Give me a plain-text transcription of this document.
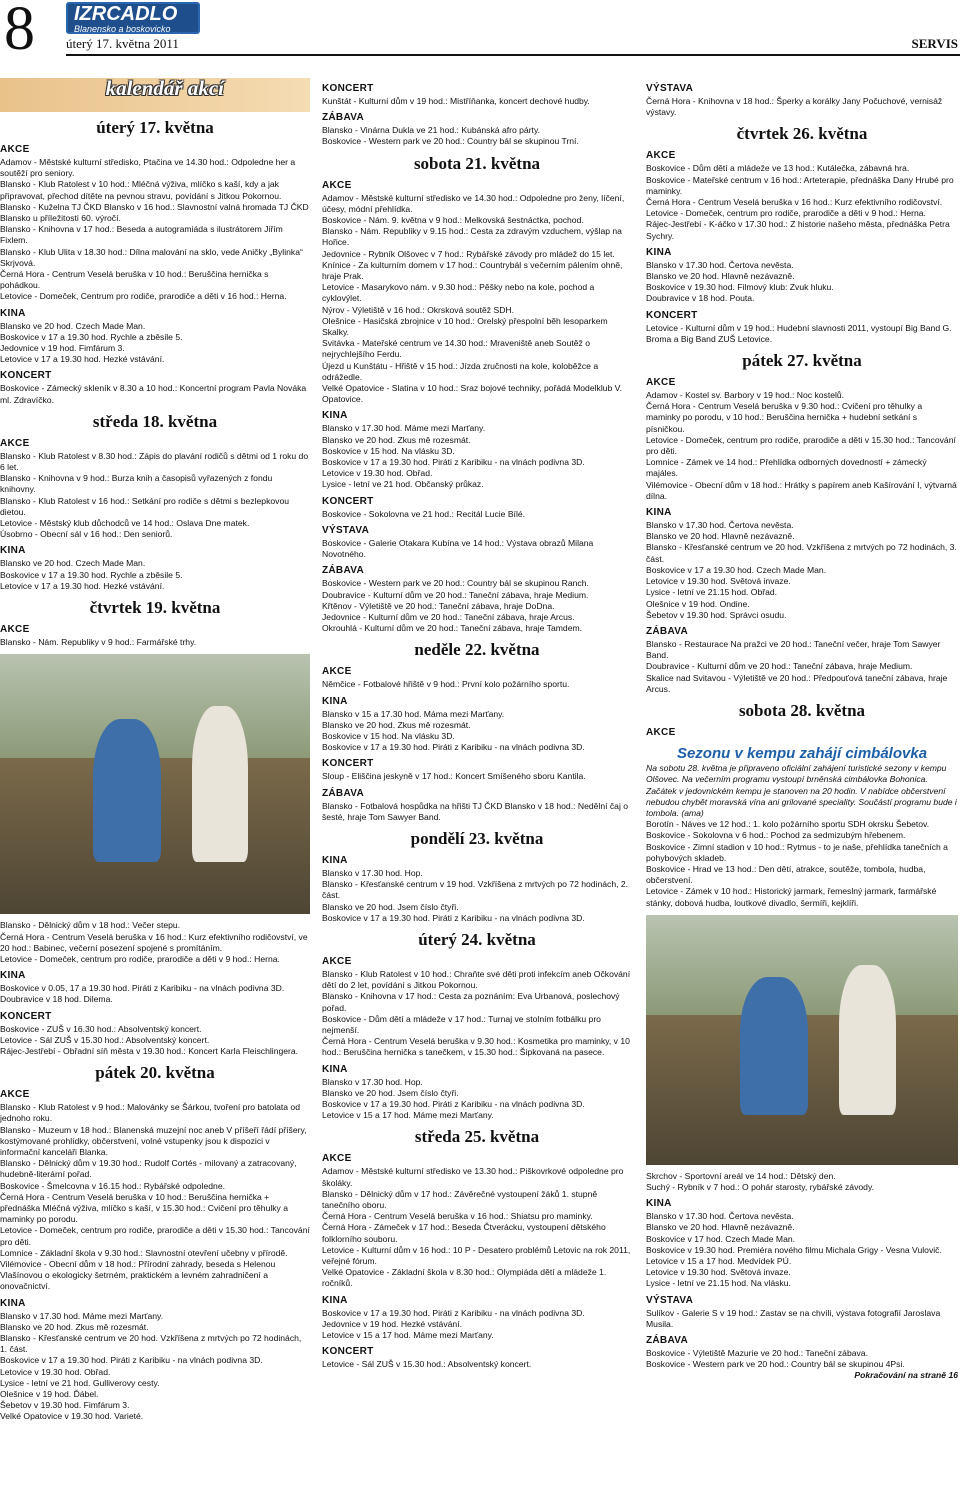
8	IZRCADLO
Blanensko a boskovicko
úterý 17. května 2011	SERVIS
kalendář akcí
úterý 17. května
AKCE
Adamov - Městské kulturní středisko, Ptačina ve 14.30 hod.: Odpoledne her a soutěží pro seniory.
Blansko - Klub Ratolest v 10 hod.: Mléčná výživa, mlíčko s kaší, kdy a jak připravovat, přechod dítěte na pevnou stravu, povídání s Jitkou Pokornou.
Blansko - Kuželna TJ ČKD Blansko v 16 hod.: Slavnostní valná hromada TJ ČKD Blansko u příležitosti 60. výročí.
Blansko - Knihovna v 17 hod.: Beseda a autogramiáda s ilustrátorem Jiřím Fixlem.
Blansko - Klub Ulita v 18.30 hod.: Dílna malování na sklo, vede Aničky „Bylinka“ Skrjvová.
Černá Hora - Centrum Veselá beruška v 10 hod.: Beruščina hernička s pohádkou.
Letovice - Domeček, Centrum pro rodiče, prarodiče a děti v 16 hod.: Herna.
KINA
Blansko ve 20 hod. Czech Made Man.
Boskovice v 17 a 19.30 hod. Rychle a zběsile 5.
Jedovnice v 19 hod. Fimfárum 3.
Letovice v 17 a 19.30 hod. Hezké vstávání.
KONCERT
Boskovice - Zámecký skleník v 8.30 a 10 hod.: Koncertní program Pavla Nováka ml. Zdravíčko.
středa 18. května
AKCE
Blansko - Klub Ratolest v 8.30 hod.: Zápis do plavání rodičů s dětmi od 1 roku do 6 let.
Blansko - Knihovna v 9 hod.: Burza knih a časopisů vyřazených z fondu knihovny.
Blansko - Klub Ratolest v 16 hod.: Setkání pro rodiče s dětmi s bezlepkovou dietou.
Letovice - Městský klub důchodců ve 14 hod.: Oslava Dne matek.
Úsobrno - Obecní sál v 16 hod.: Den seniorů.
KINA
Blansko ve 20 hod. Czech Made Man.
Boskovice v 17 a 19.30 hod. Rychle a zběsile 5.
Letovice v 17 a 19.30 hod. Hezké vstávání.
čtvrtek 19. května
AKCE
Blansko - Nám. Republiky v 9 hod.: Farmářské trhy.
Blansko - Dělnický dům v 18 hod.: Večer stepu.
Černá Hora - Centrum Veselá beruška v 16 hod.: Kurz efektivního rodičovství, ve 20 hod.: Babinec, večerní posezení spojené s promítáním.
Letovice - Domeček, centrum pro rodiče, prarodiče a děti v 9 hod.: Herna.
KINA
Boskovice v 0.05, 17 a 19.30 hod. Piráti z Karibiku - na vlnách podivna 3D.
Doubravice v 18 hod. Dilema.
KONCERT
Boskovice - ZUŠ v 16.30 hod.: Absolventský koncert.
Letovice - Sál ZUŠ v 15.30 hod.: Absolventský koncert.
Rájec-Jestřebí - Obřadní síň města v 19.30 hod.: Koncert Karla Fleischlingera.
pátek 20. května
AKCE
Blansko - Klub Ratolest v 9 hod.: Malovánky se Šárkou, tvoření pro batolata od jednoho roku.
Blansko - Muzeum v 18 hod.: Blanenská muzejní noc aneb V příšeří řádí příšery, kostýmované prohlídky, občerstvení, volné vstupenky jsou k dispozici v informační kanceláři Blanka.
Blansko - Dělnický dům v 19.30 hod.: Rudolf Cortés - milovaný a zatracovaný, hudebně-literární pořad.
Boskovice - Šmelcovna v 16.15 hod.: Rybářské odpoledne.
Černá Hora - Centrum Veselá beruška v 10 hod.: Beruščina hernička + přednáška Mléčná výživa, mlíčko s kaší, v 15.30 hod.: Cvičení pro těhulky a maminky po porodu.
Letovice - Domeček, centrum pro rodiče, prarodiče a děti v 15.30 hod.: Tancování pro děti.
Lomnice - Základní škola v 9.30 hod.: Slavnostní otevření učebny v přírodě.
Vilémovice - Obecní dům v 18 hod.: Přírodní zahrady, beseda s Helenou Vlašínovou o ekologicky šetrném, praktickém a levném zahradničení a onovačnictví.
KINA
Blansko v 17.30 hod. Máme mezi Marťany.
Blansko ve 20 hod. Zkus mě rozesmát.
Blansko - Křesťanské centrum ve 20 hod. Vzkříšena z mrtvých po 72 hodinách, 1. část.
Boskovice v 17 a 19.30 hod. Piráti z Karibiku - na vlnách podivna 3D.
Letovice v 19.30 hod. Obřad.
Lysice - letní ve 21 hod. Gulliverovy cesty.
Olešnice v 19 hod. Ďábel.
Šebetov v 19.30 hod. Fimfárum 3.
Velké Opatovice v 19.30 hod. Varieté.
KONCERT
Kunštát - Kulturní dům v 19 hod.: Mistříňanka, koncert dechové hudby.
ZÁBAVA
Blansko - Vinárna Dukla ve 21 hod.: Kubánská afro párty.
Boskovice - Western park ve 20 hod.: Country bál se skupinou Trní.
sobota 21. května
AKCE
Adamov - Městské kulturní středisko ve 14.30 hod.: Odpoledne pro ženy, líčení, účesy, módní přehlídka.
Boskovice - Nám. 9. května v 9 hod.: Melkovská šestnáctka, pochod.
Blansko - Nám. Republiky v 9.15 hod.: Cesta za zdravým vzduchem, výšlap na Hořice.
Jedovnice - Rybník Olšovec v 7 hod.: Rybářské závody pro mládež do 15 let.
Knínice - Za kulturním domem v 17 hod.: Countrybál s večerním pálením ohně, hraje Prak.
Letovice - Masarykovo nám. v 9.30 hod.: Pěšky nebo na kole, pochod a cyklovýlet.
Nýrov - Výletiště v 16 hod.: Okrsková soutěž SDH.
Olešnice - Hasičská zbrojnice v 10 hod.: Orelský přespolní běh lesoparkem Skalky.
Svitávka - Mateřské centrum ve 14.30 hod.: Mraveniště aneb Soutěž o nejrychlejšího Ferdu.
Újezd u Kunštátu - Hřiště v 15 hod.: Jízda zručnosti na kole, koloběžce a odrážedle.
Velké Opatovice - Slatina v 10 hod.: Sraz bojové techniky, pořádá Modelklub V. Opatovice.
KINA
Blansko v 17.30 hod. Máme mezi Marťany.
Blansko ve 20 hod. Zkus mě rozesmát.
Boskovice v 15 hod. Na vlásku 3D.
Boskovice v 17 a 19.30 hod. Piráti z Karibiku - na vlnách podivna 3D.
Letovice v 19.30 hod. Obřad.
Lysice - letní ve 21 hod. Občanský průkaz.
KONCERT
Boskovice - Sokolovna ve 21 hod.: Recitál Lucie Bílé.
VÝSTAVA
Boskovice - Galerie Otakara Kubína ve 14 hod.: Výstava obrazů Milana Novotného.
ZÁBAVA
Boskovice - Western park ve 20 hod.: Country bál se skupinou Ranch.
Doubravice - Kulturní dům ve 20 hod.: Taneční zábava, hraje Medium.
Křtěnov - Výletiště ve 20 hod.: Taneční zábava, hraje DoDna.
Jedovnice - Kulturní dům ve 20 hod.: Taneční zábava, hraje Arcus.
Okrouhlá - Kulturní dům ve 20 hod.: Taneční zábava, hraje Tamdem.
neděle 22. května
AKCE
Němčice - Fotbalové hřiště v 9 hod.: První kolo požárního sportu.
KINA
Blansko v 15 a 17.30 hod. Máma mezi Marťany.
Blansko ve 20 hod. Zkus mě rozesmát.
Boskovice v 15 hod. Na vlásku 3D.
Boskovice v 17 a 19.30 hod. Piráti z Karibiku - na vlnách podivna 3D.
KONCERT
Sloup - Eliščina jeskyně v 17 hod.: Koncert Smíšeného sboru Kantila.
ZÁBAVA
Blansko - Fotbalová hospůdka na hřišti TJ ČKD Blansko v 18 hod.: Nedělní čaj o šesté, hraje Tom Sawyer Band.
pondělí 23. května
KINA
Blansko v 17.30 hod. Hop.
Blansko - Křesťanské centrum v 19 hod. Vzkříšena z mrtvých po 72 hodinách, 2. část.
Blansko ve 20 hod. Jsem číslo čtyři.
Boskovice v 17 a 19.30 hod. Piráti z Karibiku - na vlnách podivna 3D.
úterý 24. května
AKCE
Blansko - Klub Ratolest v 10 hod.: Chraňte své děti proti infekcím aneb Očkování dětí do 2 let, povídání s Jitkou Pokornou.
Blansko - Knihovna v 17 hod.: Cesta za poznáním: Eva Urbanová, poslechový pořad.
Boskovice - Dům dětí a mládeže v 17 hod.: Turnaj ve stolním fotbálku pro nejmenší.
Černá Hora - Centrum Veselá beruška v 9.30 hod.: Kosmetika pro maminky, v 10 hod.: Beruščina hernička s tanečkem, v 15.30 hod.: Šipkovaná na pasece.
KINA
Blansko v 17.30 hod. Hop.
Blansko ve 20 hod. Jsem číslo čtyři.
Boskovice v 17 a 19.30 hod. Piráti z Karibiku - na vlnách podivna 3D.
Letovice v 15 a 17 hod. Máme mezi Marťany.
středa 25. května
AKCE
Adamov - Městské kulturní středisko ve 13.30 hod.: Piškovrkové odpoledne pro školáky.
Blansko - Dělnický dům v 17 hod.: Závěrečné vystoupení žáků 1. stupně tanečního oboru.
Černá Hora - Centrum Veselá beruška v 16 hod.: Shiatsu pro maminky.
Černá Hora - Zámeček v 17 hod.: Beseda Čtverácku, vystoupení dětského folklorního souboru.
Letovice - Kulturní dům v 16 hod.: 10 P - Desatero problémů Letovic na rok 2011, veřejné fórum.
Velké Opatovice - Základní škola v 8.30 hod.: Olympiáda dětí a mládeže 1. ročníků.
KINA
Boskovice v 17 a 19.30 hod. Piráti z Karibiku - na vlnách podivna 3D.
Jedovnice v 19 hod. Hezké vstávání.
Letovice v 15 a 17 hod. Máme mezi Marťany.
KONCERT
Letovice - Sál ZUŠ v 15.30 hod.: Absolventský koncert.
VÝSTAVA
Černá Hora - Knihovna v 18 hod.: Šperky a korálky Jany Počuchové, vernisáž výstavy.
čtvrtek 26. května
AKCE
Boskovice - Dům dětí a mládeže ve 13 hod.: Kutálečka, zábavná hra.
Boskovice - Mateřské centrum v 16 hod.: Arteterapie, přednáška Dany Hrubé pro maminky.
Černá Hora - Centrum Veselá beruška v 16 hod.: Kurz efektivního rodičovství.
Letovice - Domeček, centrum pro rodiče, prarodiče a děti v 9 hod.: Herna.
Rájec-Jestřebí - K-áčko v 17.30 hod.: Z historie našeho města, přednáška Petra Sychry.
KINA
Blansko v 17.30 hod. Čertova nevěsta.
Blansko ve 20 hod. Hlavně nezávazně.
Boskovice v 19.30 hod. Filmový klub: Zvuk hluku.
Doubravice v 18 hod. Pouta.
KONCERT
Letovice - Kulturní dům v 19 hod.: Hudební slavnosti 2011, vystoupí Big Band G. Broma a Big Band ZUŠ Letovice.
pátek 27. května
AKCE
Adamov - Kostel sv. Barbory v 19 hod.: Noc kostelů.
Černá Hora - Centrum Veselá beruška v 9.30 hod.: Cvičení pro těhulky a maminky po porodu, v 10 hod.: Beruščina hernička + hudební setkání s písničkou.
Letovice - Domeček, centrum pro rodiče, prarodiče a děti v 15.30 hod.: Tancování pro děti.
Lomnice - Zámek ve 14 hod.: Přehlídka odborných dovedností + zámecký majáles.
Vilémovice - Obecní dům v 18 hod.: Hrátky s papírem aneb Kašírování I, výtvarná dílna.
KINA
Blansko v 17.30 hod. Čertova nevěsta.
Blansko ve 20 hod. Hlavně nezávazně.
Blansko - Křesťanské centrum ve 20 hod. Vzkříšena z mrtvých po 72 hodinách, 3. část.
Boskovice v 17 a 19.30 hod. Czech Made Man.
Letovice v 19.30 hod. Světová invaze.
Lysice - letní ve 21.15 hod. Obřad.
Olešnice v 19 hod. Ondine.
Šebetov v 19.30 hod. Správci osudu.
ZÁBAVA
Blansko - Restaurace Na pražci ve 20 hod.: Taneční večer, hraje Tom Sawyer Band.
Doubravice - Kulturní dům ve 20 hod.: Taneční zábava, hraje Medium.
Skalice nad Svitavou - Výletiště ve 20 hod.: Předpouťová taneční zábava, hraje Arcus.
sobota 28. května
AKCE
Sezonu v kempu zahájí cimbálovka
Na sobotu 28. května je připraveno oficiální zahájení turistické sezony v kempu Olšovec. Na večerním programu vystoupí brněnská cimbálovka Bohonica. Začátek v jedovnickém kempu je stanoven na 20 hodin. V nabídce občerstvení nebudou chybět moravská vína ani grilované speciality. Součástí programu bude i tombola. (ama)
Borotín - Náves ve 12 hod.: 1. kolo požárního sportu SDH okrsku Šebetov.
Boskovice - Sokolovna v 6 hod.: Pochod za sedmizubým hřebenem.
Boskovice - Zimní stadion v 10 hod.: Rytmus - to je naše, přehlídka tanečních a pohybových skladeb.
Boskovice - Hrad ve 13 hod.: Den dětí, atrakce, soutěže, tombola, hudba, občerstvení.
Letovice - Zámek v 10 hod.: Historický jarmark, řemeslný jarmark, farmářské stánky, dobová hudba, loutkové divadlo, šermíři, kejklíři.
Skrchov - Sportovní areál ve 14 hod.: Dětský den.
Suchý - Rybník v 7 hod.: O pohár starosty, rybářské závody.
KINA
Blansko v 17.30 hod. Čertova nevěsta.
Blansko ve 20 hod. Hlavně nezávazně.
Boskovice v 17 hod. Czech Made Man.
Boskovice v 19.30 hod. Premiéra nového filmu Michala Grigy - Vesna Vulovič.
Letovice v 15 a 17 hod. Medvídek PÚ.
Letovice v 19.30 hod. Světová invaze.
Lysice - letní ve 21.15 hod. Na vlásku.
VÝSTAVA
Sulíkov - Galerie S v 19 hod.: Zastav se na chvíli, výstava fotografií Jaroslava Musila.
ZÁBAVA
Boskovice - Výletiště Mazurie ve 20 hod.: Taneční zábava.
Boskovice - Western park ve 20 hod.: Country bál se skupinou 4Psi.
Pokračování na straně 16
